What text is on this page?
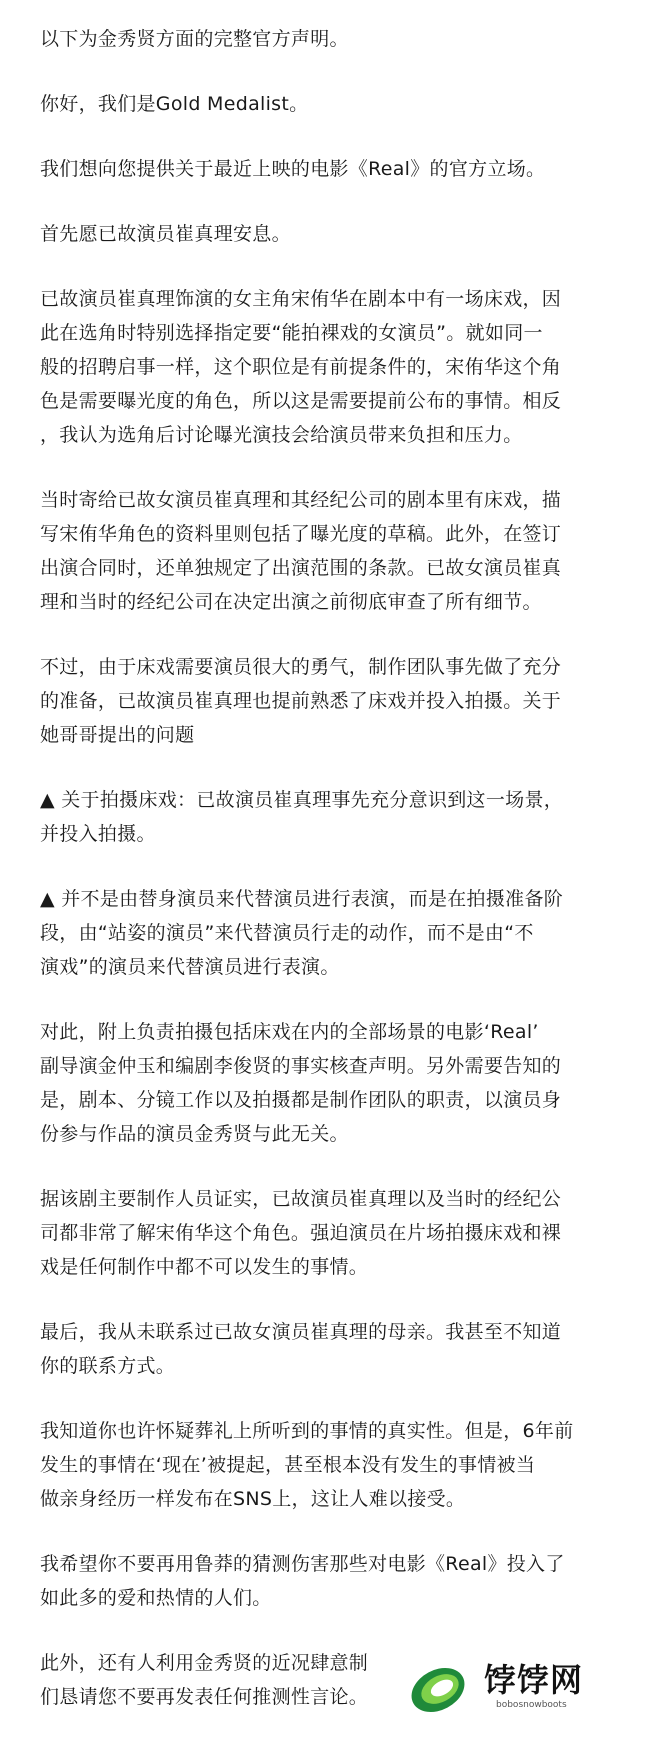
以下为金秀贤方面的完整官方声明。

你好，我们是Gold Medalist。

我们想向您提供关于最近上映的电影《Real》的官方立场。

首先愿已故演员崔真理安息。

已故演员崔真理饰演的女主角宋侑华在剧本中有一场床戏，因
此在选角时特别选择指定要“能拍裸戏的女演员”。就如同一
般的招聘启事一样，这个职位是有前提条件的，宋侑华这个角
色是需要曝光度的角色，所以这是需要提前公布的事情。相反
，我认为选角后讨论曝光演技会给演员带来负担和压力。

当时寄给已故女演员崔真理和其经纪公司的剧本里有床戏，描
写宋侑华角色的资料里则包括了曝光度的草稿。此外，在签订
出演合同时，还单独规定了出演范围的条款。已故女演员崔真
理和当时的经纪公司在决定出演之前彻底审查了所有细节。

不过，由于床戏需要演员很大的勇气，制作团队事先做了充分
的准备，已故演员崔真理也提前熟悉了床戏并投入拍摄。关于
她哥哥提出的问题

▲ 关于拍摄床戏：已故演员崔真理事先充分意识到这一场景，
并投入拍摄。

▲ 并不是由替身演员来代替演员进行表演，而是在拍摄准备阶
段，由“站姿的演员”来代替演员行走的动作，而不是由“不
演戏”的演员来代替演员进行表演。

对此，附上负责拍摄包括床戏在内的全部场景的电影‘Real’
副导演金仲玉和编剧李俊贤的事实核查声明。另外需要告知的
是，剧本、分镜工作以及拍摄都是制作团队的职责，以演员身
份参与作品的演员金秀贤与此无关。

据该剧主要制作人员证实，已故演员崔真理以及当时的经纪公
司都非常了解宋侑华这个角色。强迫演员在片场拍摄床戏和裸
戏是任何制作中都不可以发生的事情。

最后，我从未联系过已故女演员崔真理的母亲。我甚至不知道
你的联系方式。

我知道你也许怀疑葬礼上所听到的事情的真实性。但是，6年前
发生的事情在‘现在’被提起，甚至根本没有发生的事情被当
做亲身经历一样发布在SNS上，这让人难以接受。

我希望你不要再用鲁莽的猜测伤害那些对电影《Real》投入了
如此多的爱和热情的人们。

此外，还有人利用金秀贤的近况肆意制
们恳请您不要再发表任何推测性言论。	饽饽网
bobosnowboots
